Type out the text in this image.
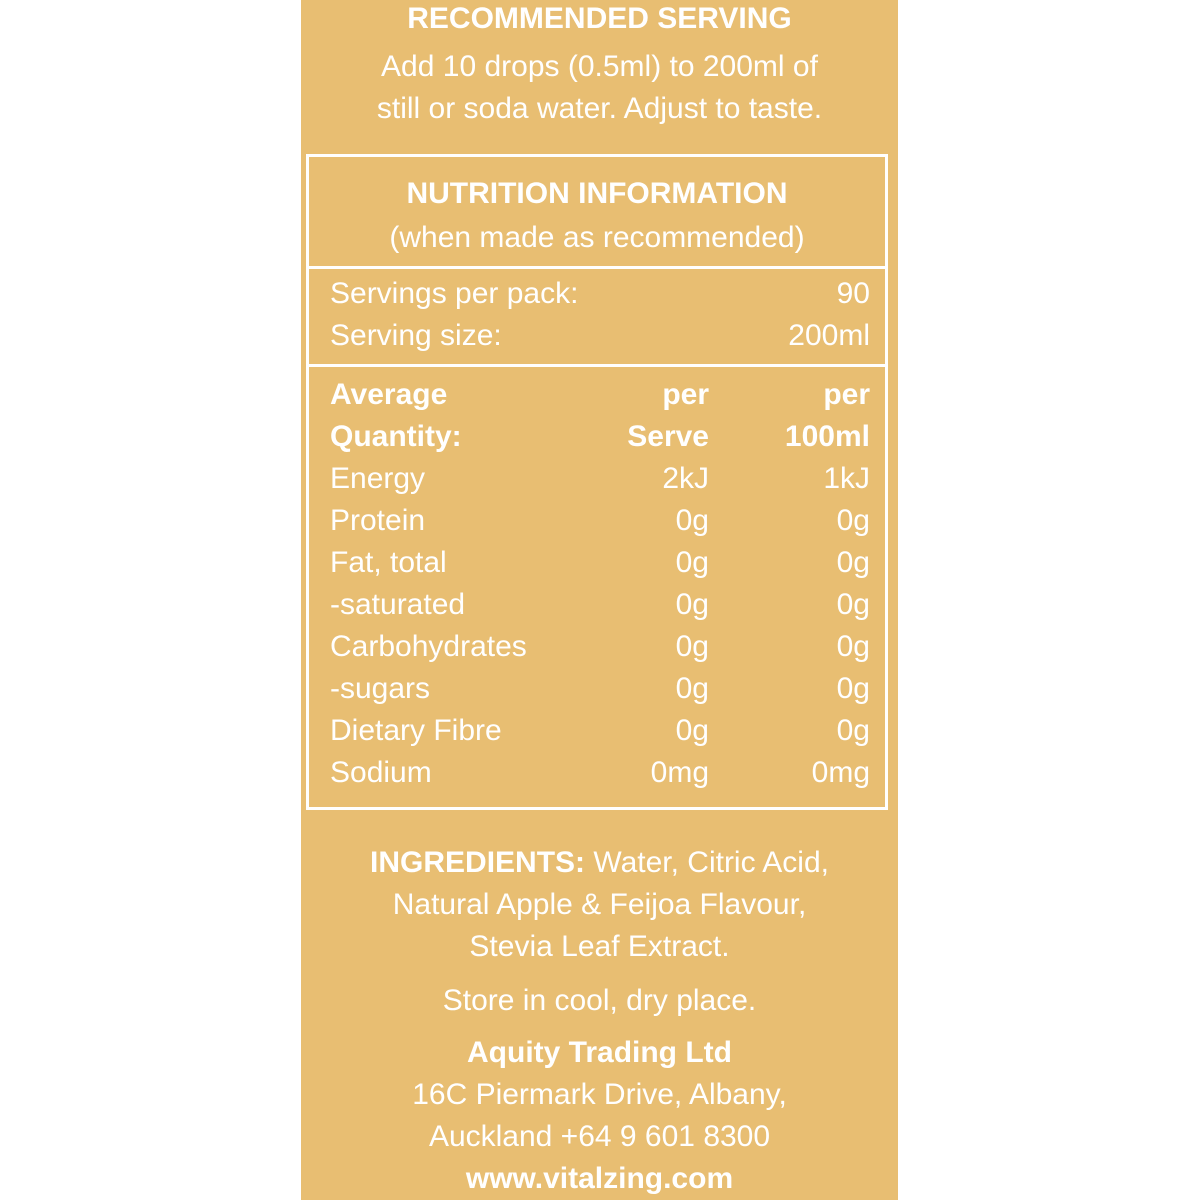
RECOMMENDED SERVING
Add 10 drops (0.5ml) to 200ml of
still or soda water. Adjust to taste.
NUTRITION INFORMATION
(when made as recommended)
Servings per pack:	90
Serving size:	200ml
Average	per	per
Quantity:	Serve	100ml
Energy	2kJ	1kJ
Protein	0g	0g
Fat, total	0g	0g
-saturated	0g	0g
Carbohydrates	0g	0g
-sugars	0g	0g
Dietary Fibre	0g	0g
Sodium	0mg	0mg
INGREDIENTS: Water, Citric Acid,
Natural Apple & Feijoa Flavour,
Stevia Leaf Extract.
Store in cool, dry place.
Aquity Trading Ltd
16C Piermark Drive, Albany,
Auckland +64 9 601 8300
www.vitalzing.com
